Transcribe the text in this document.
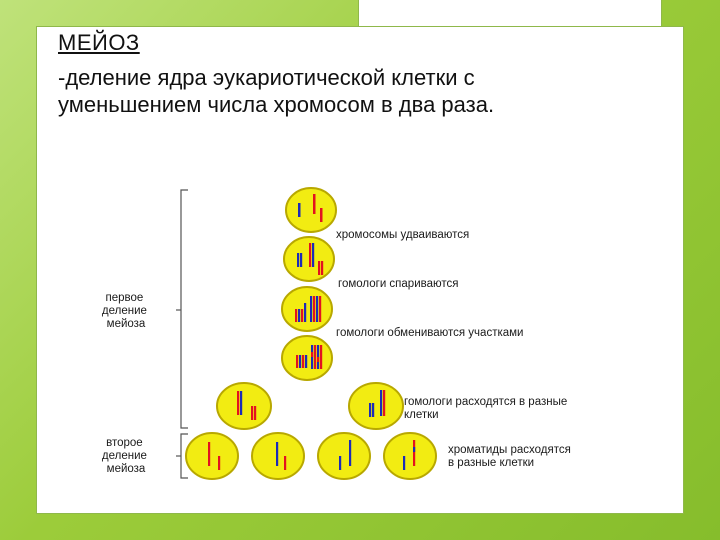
МЕЙОЗ

-деление ядра эукариотической клетки с уменьшением числа хромосом в два раза.

первое деление мейоза
второе деление мейоза
хромосомы удваиваются
гомологи спариваются
гомологи обмениваются участками
гомологи расходятся в разные клетки
хроматиды расходятся в разные клетки
